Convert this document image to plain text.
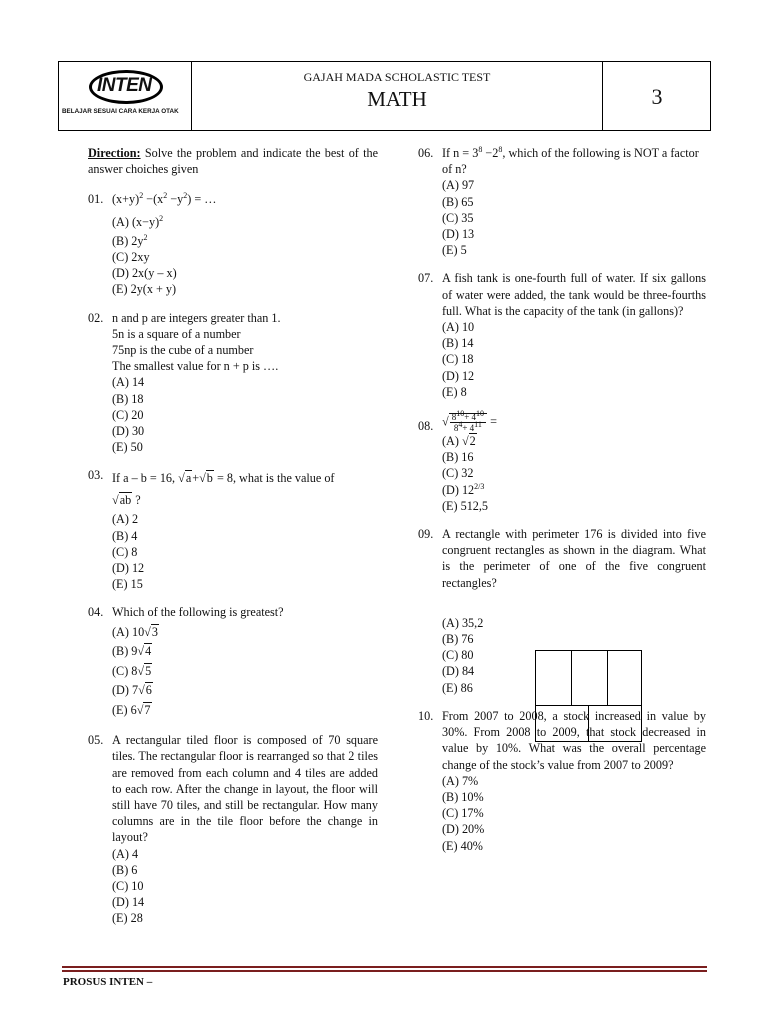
INTEN
BELAJAR SESUAI CARA KERJA OTAK
GAJAH MADA SCHOLASTIC TEST
MATH	3
Direction: Solve the problem and indicate the best of the answer choiches given
01. $(x+y)^2 -(x^2 -y^2)$ = …
(A) $(x-y)^2$
(B) $2y^2$
(C) 2xy
(D) 2x(y – x)
(E) 2y(x + y)
02. n and p are integers greater than 1.
5n is a square of a number
75np is the cube of a number
The smallest value for n + p is ….
(A) 14
(B) 18
(C) 20
(D) 30
(E) 50
03. If a – b = 16, √a+√b = 8, what is the value of
√ab ?
(A) 2
(B) 4
(C) 8
(D) 12
(E) 15
04. Which of the following is greatest?
(A) 10√3
(B) 9√4
(C) 8√5
(D) 7√6
(E) 6√7
05. A rectangular tiled floor is composed of 70 square tiles. The rectangular floor is rearranged so that 2 tiles are removed from each column and 4 tiles are added to each row. After the change in layout, the floor will still have 70 tiles, and still be rectangular. How many columns are in the tile floor before the change in layout?
(A) 4
(B) 6
(C) 10
(D) 14
(E) 28
06. If $n = 3^8 -2^8$, which of the following is NOT a factor of n?
(A) 97
(B) 65
(C) 35
(D) 13
(E) 5
07. A fish tank is one-fourth full of water. If six gallons of water were added, the tank would be three-fourths full. What is the capacity of the tank (in gallons)?
(A) 10
(B) 14
(C) 18
(D) 12
(E) 8
08. √ $\frac{8^{10}+ 4^{10}}{8^4+ 4^{11}}$ =
(A) √2
(B) 16
(C) 32
(D) $12^{2/3}$
(E) 512,5
09. A rectangle with perimeter 176 is divided into five congruent rectangles as shown in the diagram. What is the perimeter of one of the five congruent rectangles?
(A) 35,2
(B) 76
(C) 80
(D) 84
(E) 86
10. From 2007 to 2008, a stock increased in value by 30%. From 2008 to 2009, that stock decreased in value by 10%. What was the overall percentage change of the stock’s value from 2007 to 2009?
(A) 7%
(B) 10%
(C) 17%
(D) 20%
(E) 40%
PROSUS INTEN –
